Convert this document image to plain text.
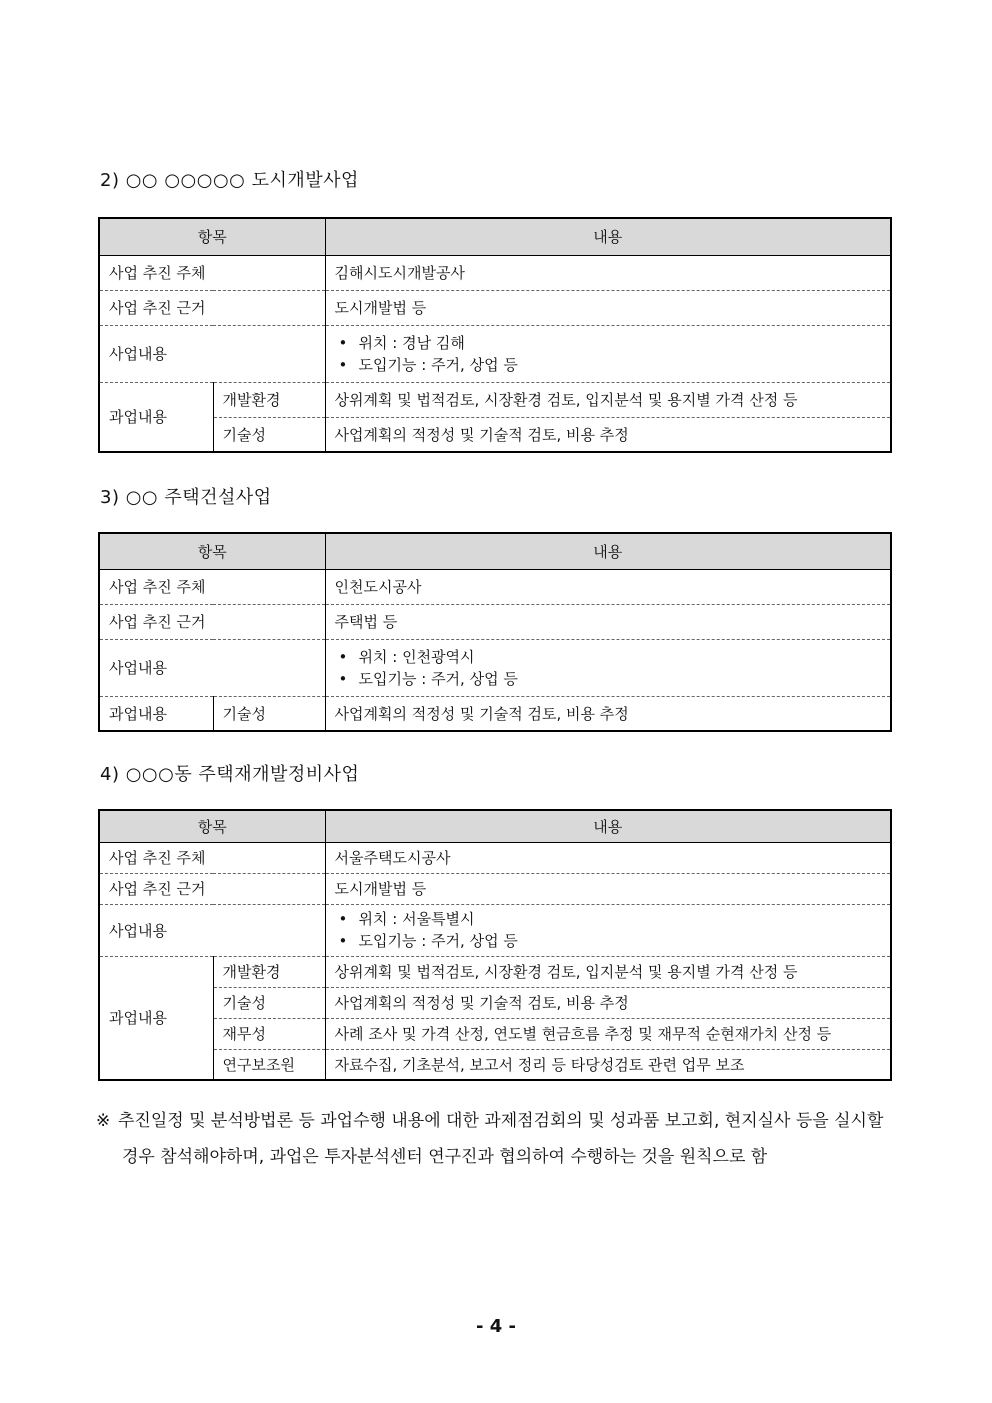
2) ○○ ○○○○○ 도시개발사업
항목		내용
사업 추진 주체		김해시도시개발공사
사업 추진 근거		도시개발법 등
사업내용		• 위치 : 경남 김해
• 도입기능 : 주거, 상업 등

과업내용	개발환경	상위계획 및 법적검토, 시장환경 검토, 입지분석 및 용지별 가격 산정 등
	기술성	사업계획의 적정성 및 기술적 검토, 비용 추정
3) ○○ 주택건설사업
항목		내용
사업 추진 주체		인천도시공사
사업 추진 근거		주택법 등
사업내용		• 위치 : 인천광역시
• 도입기능 : 주거, 상업 등

과업내용	기술성	사업계획의 적정성 및 기술적 검토, 비용 추정
4) ○○○동 주택재개발정비사업
항목		내용
사업 추진 주체		서울주택도시공사
사업 추진 근거		도시개발법 등
사업내용		• 위치 : 서울특별시
• 도입기능 : 주거, 상업 등

과업내용	개발환경	상위계획 및 법적검토, 시장환경 검토, 입지분석 및 용지별 가격 산정 등
	기술성	사업계획의 적정성 및 기술적 검토, 비용 추정
	재무성	사례 조사 및 가격 산정, 연도별 현금흐름 추정 및 재무적 순현재가치 산정 등
	연구보조원	자료수집, 기초분석, 보고서 정리 등 타당성검토 관련 업무 보조
※ 추진일정 및 분석방법론 등 과업수행 내용에 대한 과제점검회의 및 성과품 보고회, 현지실사 등을 실시할
경우 참석해야하며, 과업은 투자분석센터 연구진과 협의하여 수행하는 것을 원칙으로 함
- 4 -
